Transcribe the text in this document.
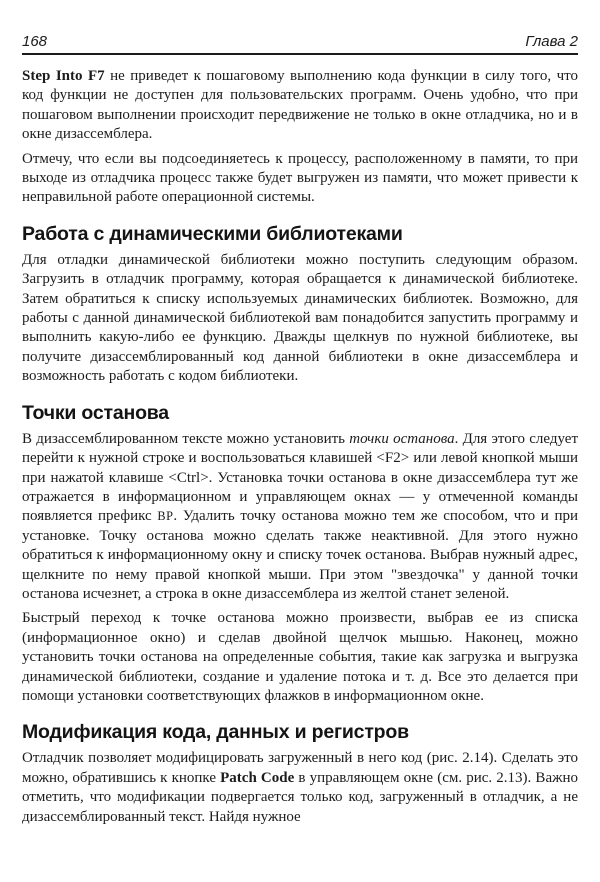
168	Глава 2

Step Into F7 не приведет к пошаговому выполнению кода функции в силу того, что код функции не доступен для пользовательских программ. Очень удобно, что при пошаговом выполнении происходит передвижение не только в окне отладчика, но и в окне дизассемблера.

Отмечу, что если вы подсоединяетесь к процессу, расположенному в памяти, то при выходе из отладчика процесс также будет выгружен из памяти, что может привести к неправильной работе операционной системы.

Работа с динамическими библиотеками

Для отладки динамической библиотеки можно поступить следующим образом. Загрузить в отладчик программу, которая обращается к динамической библиотеке. Затем обратиться к списку используемых динамических библиотек. Возможно, для работы с данной динамической библиотекой вам понадобится запустить программу и выполнить какую-либо ее функцию. Дважды щелкнув по нужной библиотеке, вы получите дизассемблированный код данной библиотеки в окне дизассемблера и возможность работать с кодом библиотеки.

Точки останова

В дизассемблированном тексте можно установить точки останова. Для этого следует перейти к нужной строке и воспользоваться клавишей <F2> или левой кнопкой мыши при нажатой клавише <Ctrl>. Установка точки останова в окне дизассемблера тут же отражается в информационном и управляющем окнах — у отмеченной команды появляется префикс BP. Удалить точку останова можно тем же способом, что и при установке. Точку останова можно сделать также неактивной. Для этого нужно обратиться к информационному окну и списку точек останова. Выбрав нужный адрес, щелкните по нему правой кнопкой мыши. При этом "звездочка" у данной точки останова исчезнет, а строка в окне дизассемблера из желтой станет зеленой.

Быстрый переход к точке останова можно произвести, выбрав ее из списка (информационное окно) и сделав двойной щелчок мышью. Наконец, можно установить точки останова на определенные события, такие как загрузка и выгрузка динамической библиотеки, создание и удаление потока и т. д. Все это делается при помощи установки соответствующих флажков в информационном окне.

Модификация кода, данных и регистров

Отладчик позволяет модифицировать загруженный в него код (рис. 2.14). Сделать это можно, обратившись к кнопке Patch Code в управляющем окне (см. рис. 2.13). Важно отметить, что модификации подвергается только код, загруженный в отладчик, а не дизассемблированный текст. Найдя нужное
